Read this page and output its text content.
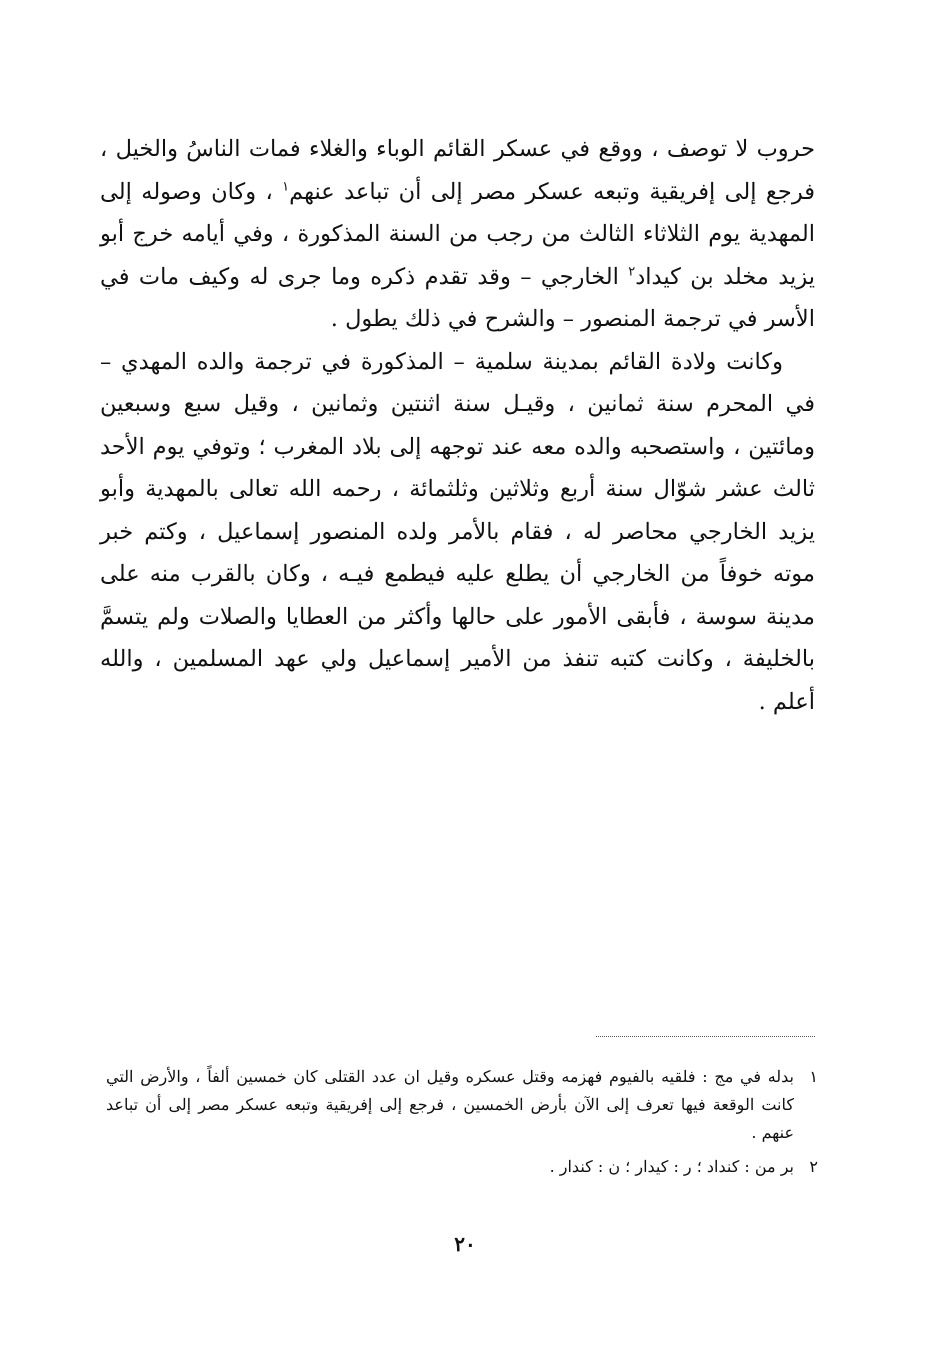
حروب لا توصف ، ووقع في عسكر القائم الوباء والغلاء فمات الناسُ والخيل ، فرجع إلى إفريقية وتبعه عسكر مصر إلى أن تباعد عنهم$^١$ ، وكان وصوله إلى المهدية يوم الثلاثاء الثالث من رجب من السنة المذكورة ، وفي أيامه خرج أبو يزيد مخلد بن كيداد$^٢$ الخارجي – وقد تقدم ذكره وما جرى له وكيف مات في الأسر في ترجمة المنصور – والشرح في ذلك يطول .

وكانت ولادة القائم بمدينة سلمية – المذكورة في ترجمة والده المهدي – في المحرم سنة ثمانين ، وقيـل سنة اثنتين وثمانين ، وقيل سبع وسبعين ومائتين ، واستصحبه والده معه عند توجهه إلى بلاد المغرب ؛ وتوفي يوم الأحد ثالث عشر شوّال سنة أربع وثلاثين وثلثمائة ، رحمه الله تعالى بالمهدية وأبو يزيد الخارجي محاصر له ، فقام بالأمر ولده المنصور إسماعيل ، وكتم خبر موته خوفاً من الخارجي أن يطلع عليه فيطمع فيـه ، وكان بالقرب منه على مدينة سوسة ، فأبقى الأمور على حالها وأكثر من العطايا والصلات ولم يتسمَّ بالخليفة ، وكانت كتبه تنفذ من الأمير إسماعيل ولي عهد المسلمين ، والله أعلم .

١
بدله في مج : فلقيه بالفيوم فهزمه وقتل عسكره وقيل ان عدد القتلى كان خمسين ألفاً ، والأرض التي كانت الوقعة فيها تعرف إلى الآن بأرض الخمسين ، فرجع إلى إفريقية وتبعه عسكر مصر إلى أن تباعد عنهم .
٢
بر من : كنداد ؛ ر : كيدار ؛ ن : كندار .
٢٠
